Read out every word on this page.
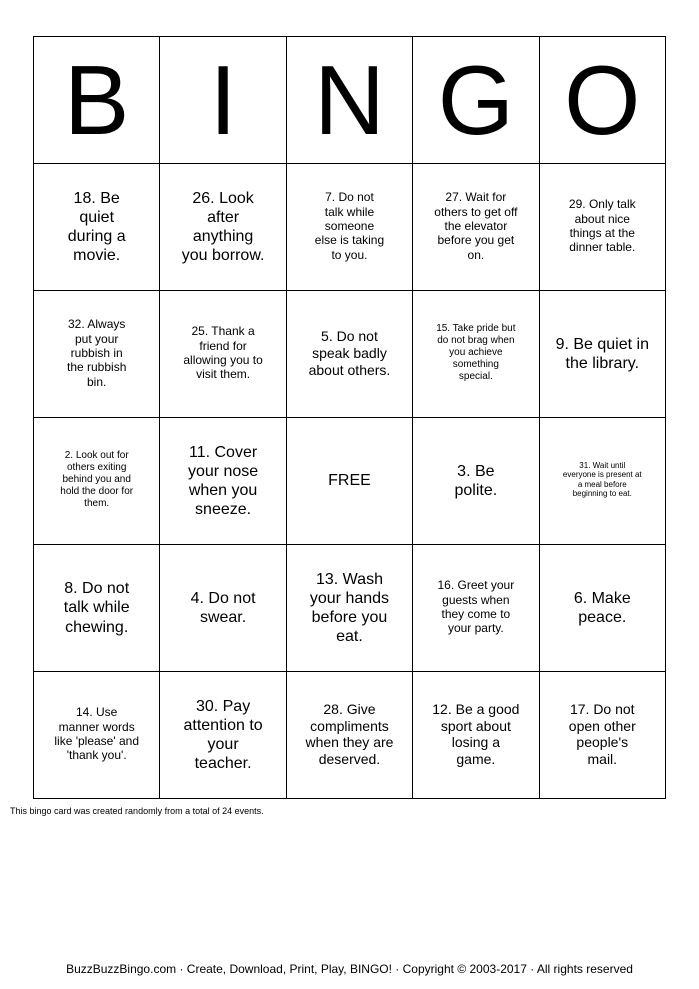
B	I	N	G	O
18. Be quiet during a movie.	26. Look after anything you borrow.	7. Do not talk while someone else is taking to you.	27. Wait for others to get off the elevator before you get on.	29. Only talk about nice things at the dinner table.
32. Always put your rubbish in the rubbish bin.	25. Thank a friend for allowing you to visit them.	5. Do not speak badly about others.	15. Take pride but do not brag when you achieve something special.	9. Be quiet in the library.
2. Look out for others exiting behind you and hold the door for them.	11. Cover your nose when you sneeze.	FREE	3. Be polite.	31. Wait until everyone is present at a meal before beginning to eat.
8. Do not talk while chewing.	4. Do not swear.	13. Wash your hands before you eat.	16. Greet your guests when they come to your party.	6. Make peace.
14. Use manner words like 'please' and 'thank you'.	30. Pay attention to your teacher.	28. Give compliments when they are deserved.	12. Be a good sport about losing a game.	17. Do not open other people's mail.
This bingo card was created randomly from a total of 24 events.
BuzzBuzzBingo.com · Create, Download, Print, Play, BINGO! · Copyright © 2003-2017 · All rights reserved
